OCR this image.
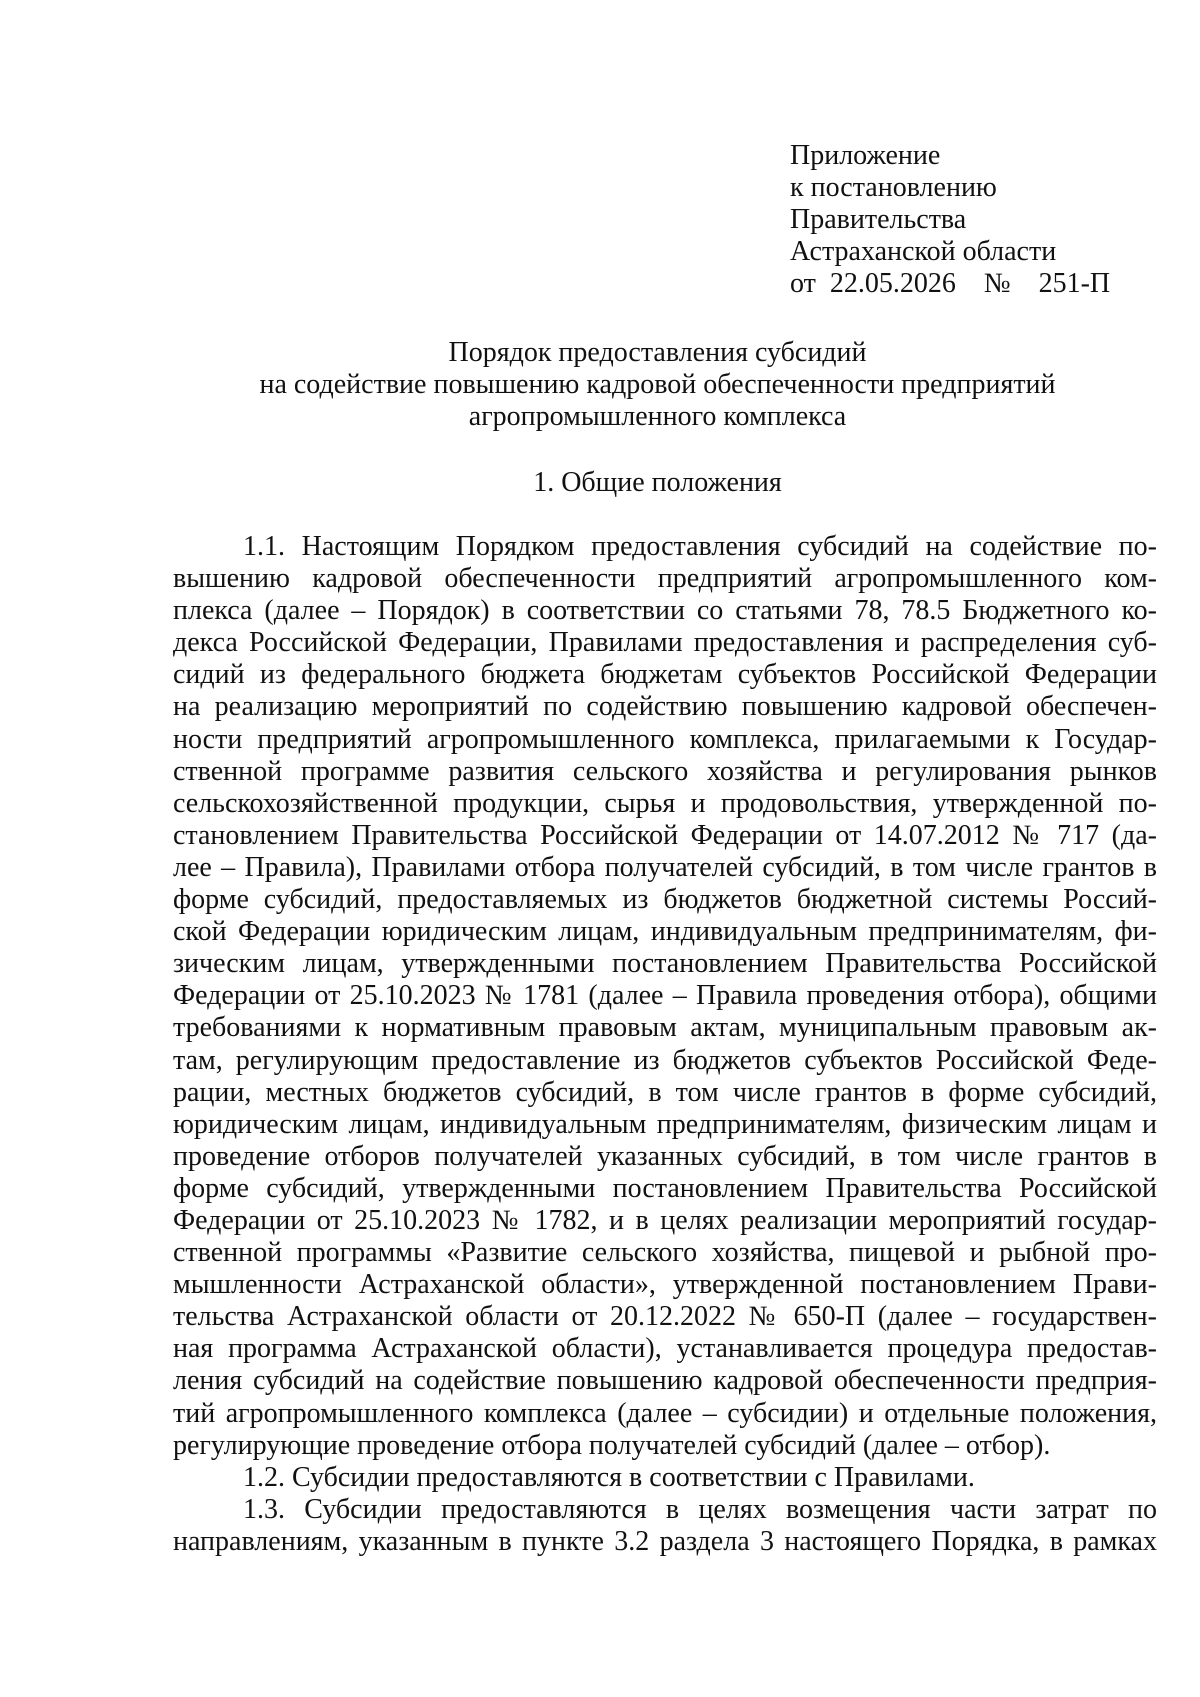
Приложение
к постановлению
Правительства
Астраханской области
от  22.05.2026    №    251-П
Порядок предоставления субсидий
на содействие повышению кадровой обеспеченности предприятий
агропромышленного комплекса
1. Общие положения
1.1. Настоящим Порядком предоставления субсидий на содействие по-
вышению кадровой обеспеченности предприятий агропромышленного ком-
плекса (далее – Порядок) в соответствии со статьями 78, 78.5 Бюджетного ко-
декса Российской Федерации, Правилами предоставления и распределения суб-
сидий из федерального бюджета бюджетам субъектов Российской Федерации
на реализацию мероприятий по содействию повышению кадровой обеспечен-
ности предприятий агропромышленного комплекса, прилагаемыми к Государ-
ственной программе развития сельского хозяйства и регулирования рынков
сельскохозяйственной продукции, сырья и продовольствия, утвержденной по-
становлением Правительства Российской Федерации от 14.07.2012 № 717 (да-
лее – Правила), Правилами отбора получателей субсидий, в том числе грантов в
форме субсидий, предоставляемых из бюджетов бюджетной системы Россий-
ской Федерации юридическим лицам, индивидуальным предпринимателям, фи-
зическим лицам, утвержденными постановлением Правительства Российской
Федерации от 25.10.2023 № 1781 (далее – Правила проведения отбора), общими
требованиями к нормативным правовым актам, муниципальным правовым ак-
там, регулирующим предоставление из бюджетов субъектов Российской Феде-
рации, местных бюджетов субсидий, в том числе грантов в форме субсидий,
юридическим лицам, индивидуальным предпринимателям, физическим лицам и
проведение отборов получателей указанных субсидий, в том числе грантов в
форме субсидий, утвержденными постановлением Правительства Российской
Федерации от 25.10.2023 № 1782, и в целях реализации мероприятий государ-
ственной программы «Развитие сельского хозяйства, пищевой и рыбной про-
мышленности Астраханской области», утвержденной постановлением Прави-
тельства Астраханской области от 20.12.2022 № 650-П (далее – государствен-
ная программа Астраханской области), устанавливается процедура предостав-
ления субсидий на содействие повышению кадровой обеспеченности предприя-
тий агропромышленного комплекса (далее – субсидии) и отдельные положения,
регулирующие проведение отбора получателей субсидий (далее – отбор).
1.2. Субсидии предоставляются в соответствии с Правилами.
1.3. Субсидии предоставляются в целях возмещения части затрат по
направлениям, указанным в пункте 3.2 раздела 3 настоящего Порядка, в рамках
